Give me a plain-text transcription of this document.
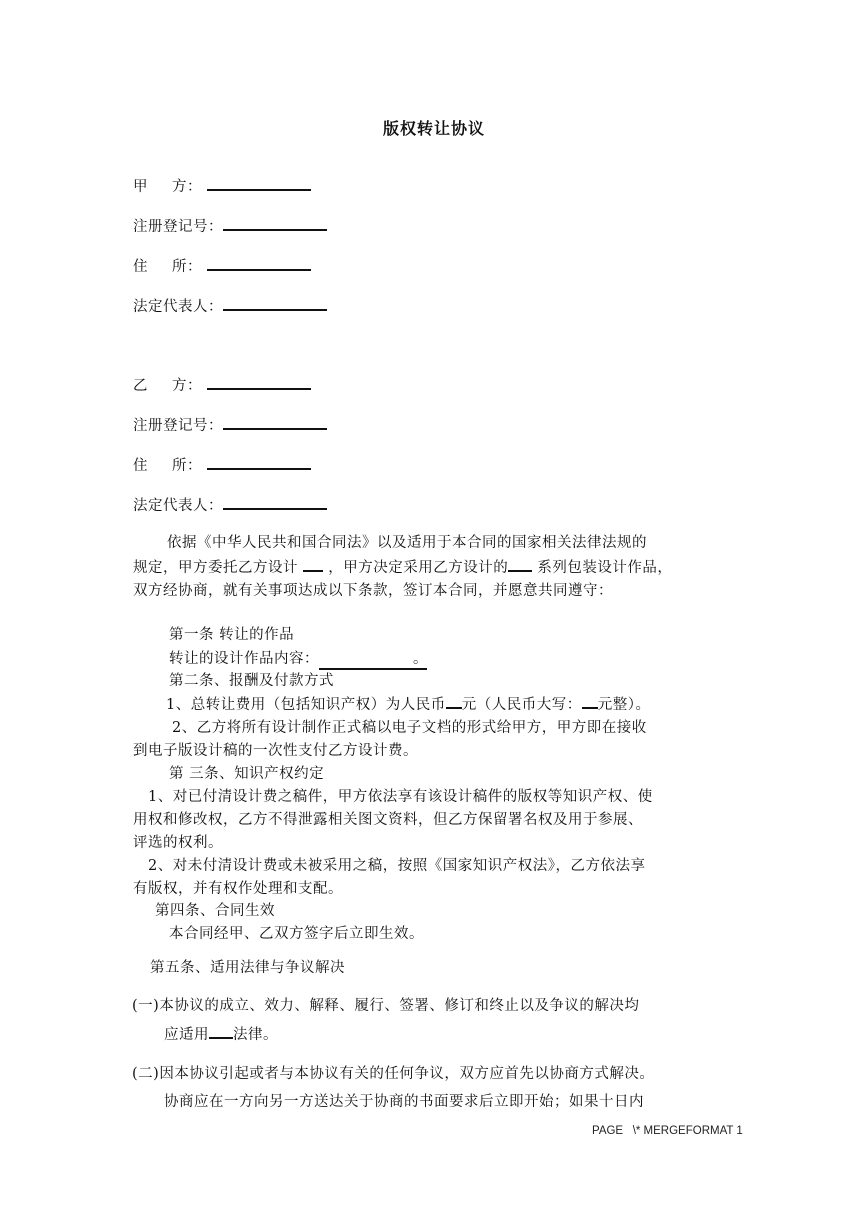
版权转让协议
甲 方：
注册登记号：
住 所：
法定代表人：
乙 方：
注册登记号：
住 所：
法定代表人：
依据《中华人民共和国合同法》以及适用于本合同的国家相关法律法规的
规定，甲方委托乙方设计 ，甲方决定采用乙方设计的 系列包装设计作品，
双方经协商，就有关事项达成以下条款，签订本合同，并愿意共同遵守：
第一条 转让的作品
转让的设计作品内容：	。
第二条、报酬及付款方式
1、总转让费用（包括知识产权）为人民币 元（人民币大写： 元整）。
2、乙方将所有设计制作正式稿以电子文档的形式给甲方，甲方即在接收
到电子版设计稿的一次性支付乙方设计费。
第 三条、知识产权约定
1、对已付清设计费之稿件，甲方依法享有该设计稿件的版权等知识产权、使
用权和修改权，乙方不得泄露相关图文资料，但乙方保留署名权及用于参展、
评选的权利。
2、对未付清设计费或未被采用之稿，按照《国家知识产权法》，乙方依法享
有版权，并有权作处理和支配。
第四条、合同生效
本合同经甲、乙双方签字后立即生效。
第五条、适用法律与争议解决
(一)本协议的成立、效力、解释、履行、签署、修订和终止以及争议的解决均
应适用 法律。
(二)因本协议引起或者与本协议有关的任何争议，双方应首先以协商方式解决。
协商应在一方向另一方送达关于协商的书面要求后立即开始；如果十日内
PAGE   \* MERGEFORMAT 1
